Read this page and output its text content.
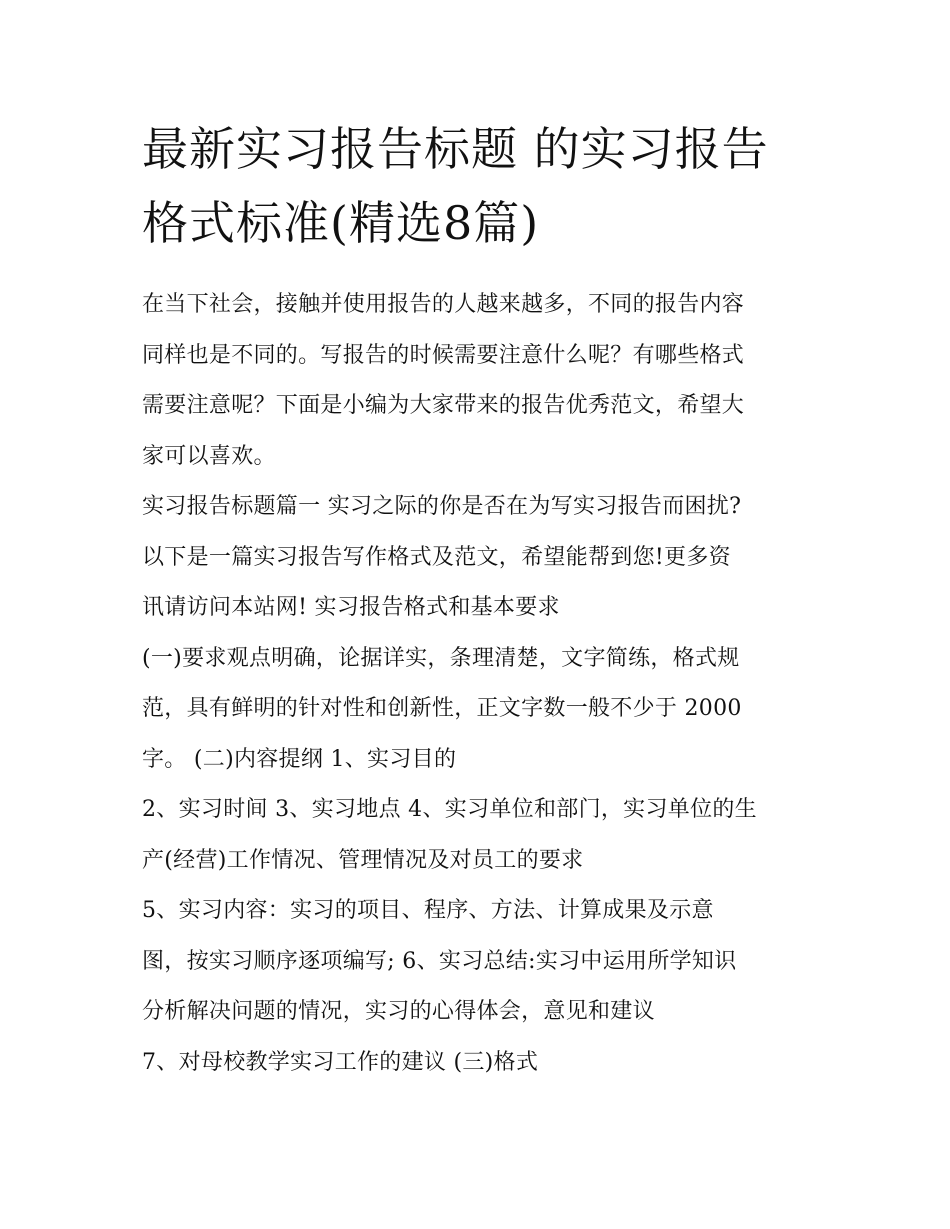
最新实习报告标题 的实习报告
格式标准(精选8篇)
在当下社会，接触并使用报告的人越来越多，不同的报告内容
同样也是不同的。写报告的时候需要注意什么呢？有哪些格式
需要注意呢？下面是小编为大家带来的报告优秀范文，希望大
家可以喜欢。
实习报告标题篇一 实习之际的你是否在为写实习报告而困扰?
以下是一篇实习报告写作格式及范文，希望能帮到您!更多资
讯请访问本站网! 实习报告格式和基本要求
(一)要求观点明确，论据详实，条理清楚，文字简练，格式规
范，具有鲜明的针对性和创新性，正文字数一般不少于 2000
字。 (二)内容提纲 1、实习目的
2、实习时间 3、实习地点 4、实习单位和部门，实习单位的生
产(经营)工作情况、管理情况及对员工的要求
5、实习内容：实习的项目、程序、方法、计算成果及示意
图，按实习顺序逐项编写; 6、实习总结:实习中运用所学知识
分析解决问题的情况，实习的心得体会，意见和建议
7、对母校教学实习工作的建议 (三)格式
